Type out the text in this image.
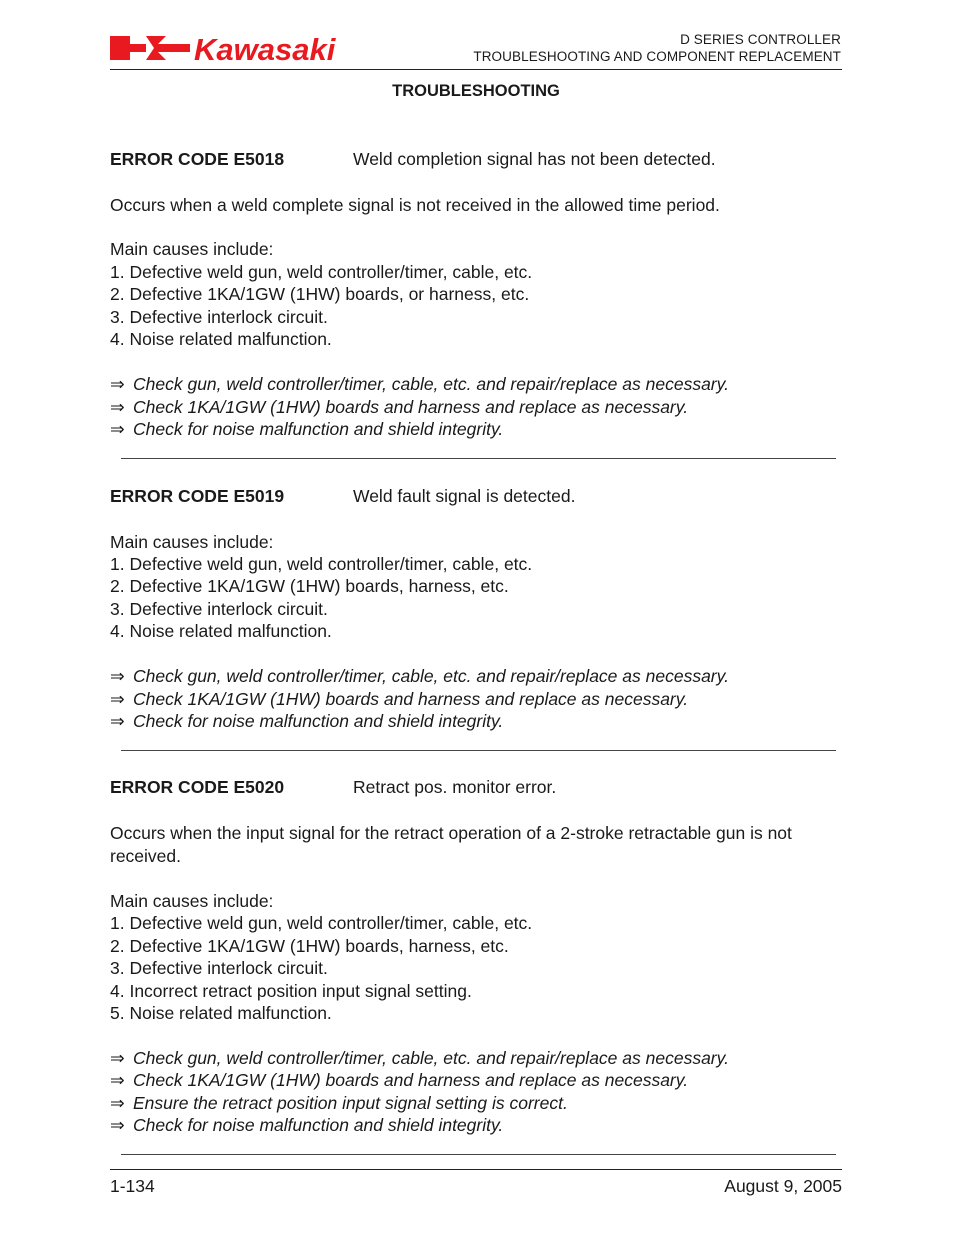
Kawasaki	D SERIES CONTROLLER
TROUBLESHOOTING AND COMPONENT REPLACEMENT
TROUBLESHOOTING
ERROR CODE E5018	Weld completion signal has not been detected.
Occurs when a weld complete signal is not received in the allowed time period.
Main causes include:
1. Defective weld gun, weld controller/timer, cable, etc.
2. Defective 1KA/1GW (1HW) boards, or harness, etc.
3. Defective interlock circuit.
4. Noise related malfunction.
⇒ Check gun, weld controller/timer, cable, etc. and repair/replace as necessary.
⇒ Check 1KA/1GW (1HW) boards and harness and replace as necessary.
⇒ Check for noise malfunction and shield integrity.
ERROR CODE E5019	Weld fault signal is detected.
Main causes include:
1. Defective weld gun, weld controller/timer, cable, etc.
2. Defective 1KA/1GW (1HW) boards, harness, etc.
3. Defective interlock circuit.
4. Noise related malfunction.
⇒ Check gun, weld controller/timer, cable, etc. and repair/replace as necessary.
⇒ Check 1KA/1GW (1HW) boards and harness and replace as necessary.
⇒ Check for noise malfunction and shield integrity.
ERROR CODE E5020	Retract pos. monitor error.
Occurs when the input signal for the retract operation of a 2-stroke retractable gun is not
received.
Main causes include:
1. Defective weld gun, weld controller/timer, cable, etc.
2. Defective 1KA/1GW (1HW) boards, harness, etc.
3. Defective interlock circuit.
4. Incorrect retract position input signal setting.
5. Noise related malfunction.
⇒ Check gun, weld controller/timer, cable, etc. and repair/replace as necessary.
⇒ Check 1KA/1GW (1HW) boards and harness and replace as necessary.
⇒ Ensure the retract position input signal setting is correct.
⇒ Check for noise malfunction and shield integrity.
1-134	August 9, 2005
